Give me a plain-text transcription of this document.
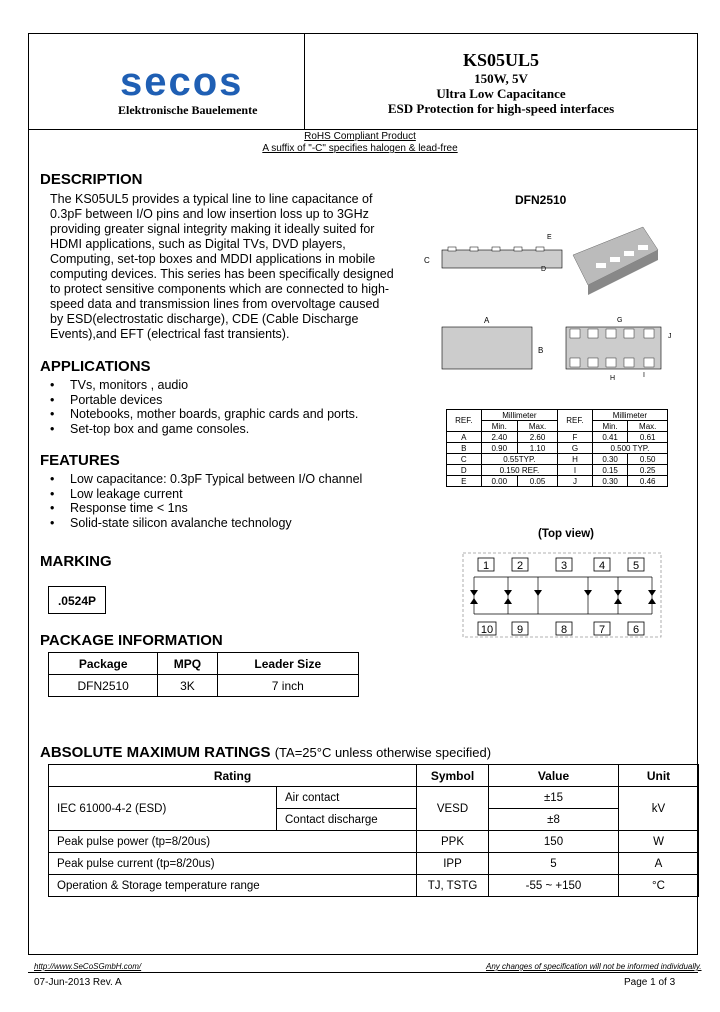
secos
Elektronische Bauelemente
KS05UL5
150W, 5V
Ultra Low Capacitance
ESD Protection for high-speed interfaces
RoHS Compliant Product
A suffix of "-C" specifies halogen & lead-free
DESCRIPTION
The KS05UL5 provides a typical line to line capacitance of 0.3pF between I/O pins and low insertion loss up to 3GHz providing greater signal integrity making it ideally suited for HDMI applications, such as Digital TVs, DVD players, Computing, set-top boxes and MDDI applications in mobile computing devices. This series has been specifically designed to protect sensitive components which are connected to high-speed data and transmission lines from overvoltage caused by ESD(electrostatic discharge), CDE (Cable Discharge Events),and EFT (electrical fast transients).
APPLICATIONS
• TVs, monitors , audio
• Portable devices
• Notebooks, mother boards, graphic cards and ports.
• Set-top box and game consoles.
FEATURES
• Low capacitance: 0.3pF Typical between I/O channel
• Low leakage current
• Response time < 1ns
• Solid-state silicon avalanche technology
MARKING
.0524P
PACKAGE INFORMATION
Package	MPQ	Leader Size
DFN2510	3K	7 inch
DFN2510
C
E
D
A
B
G
J
H	I
REF.	Millimeter		REF.	Millimeter	
	Min.	Max.		Min.	Max.
A	2.40	2.60	F	0.41	0.61
B	0.90	1.10	G	0.500 TYP.	
C	0.55TYP.		H	0.30	0.50
D	0.150 REF.		I	0.15	0.25
E	0.00	0.05	J	0.30	0.46
(Top view)
1	2	3	4	5
10 9	8	7	6
ABSOLUTE MAXIMUM RATINGS (TA=25°C unless otherwise specified)
Rating		Symbol	Value	Unit
IEC 61000-4-2 (ESD)	Air contact	VESD	±15	kV
	Contact discharge		±8	
Peak pulse power (tp=8/20us)		PPK	150	W
Peak pulse current (tp=8/20us)		IPP	5	A
Operation & Storage temperature range		TJ, TSTG	-55 ~ +150	°C
http://www.SeCoSGmbH.com/	Any changes of specification will not be informed individually.
07-Jun-2013 Rev. A	Page 1 of 3
